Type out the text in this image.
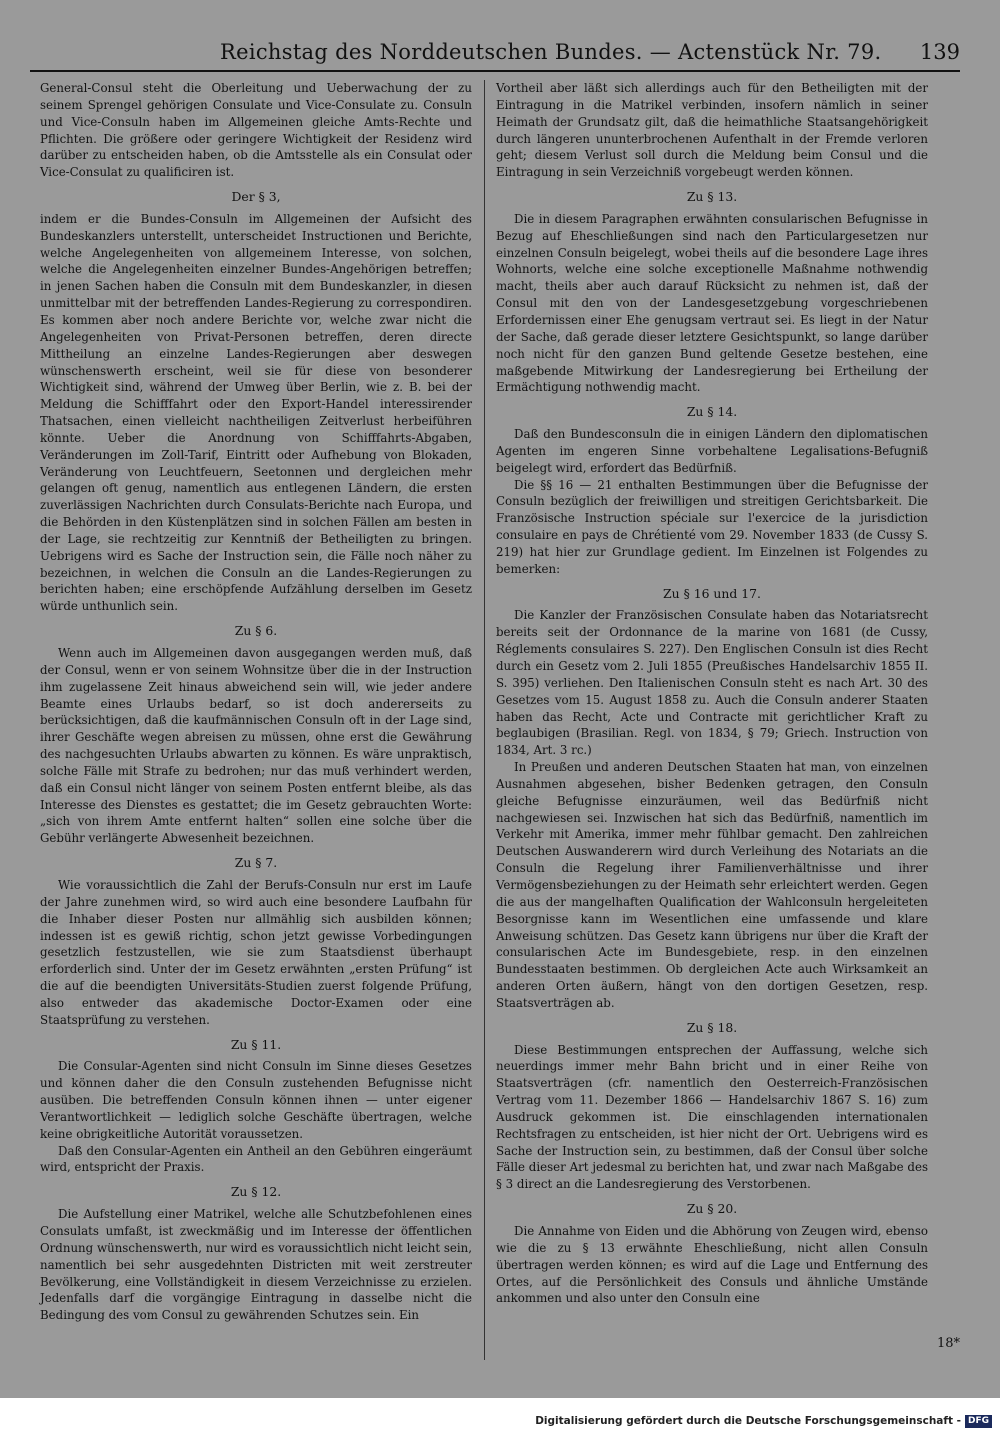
Reichstag des Norddeutschen Bundes. — Actenstück Nr. 79. 139

General-Consul steht die Oberleitung und Ueberwachung der zu seinem Sprengel gehörigen Consulate und Vice-Consulate zu. Consuln und Vice-Consuln haben im Allgemeinen gleiche Amts-Rechte und Pflichten. Die größere oder geringere Wichtigkeit der Residenz wird darüber zu entscheiden haben, ob die Amtsstelle als ein Consulat oder Vice-Consulat zu qualificiren ist.

Der § 3,

indem er die Bundes-Consuln im Allgemeinen der Aufsicht des Bundeskanzlers unterstellt, unterscheidet Instructionen und Berichte, welche Angelegenheiten von allgemeinem Interesse, von solchen, welche die Angelegenheiten einzelner Bundes-Angehörigen betreffen; in jenen Sachen haben die Consuln mit dem Bundeskanzler, in diesen unmittelbar mit der betreffenden Landes-Regierung zu correspondiren. Es kommen aber noch andere Berichte vor, welche zwar nicht die Angelegenheiten von Privat-Personen betreffen, deren directe Mittheilung an einzelne Landes-Regierungen aber deswegen wünschenswerth erscheint, weil sie für diese von besonderer Wichtigkeit sind, während der Umweg über Berlin, wie z. B. bei der Meldung die Schifffahrt oder den Export-Handel interessirender Thatsachen, einen vielleicht nachtheiligen Zeitverlust herbeiführen könnte. Ueber die Anordnung von Schifffahrts-Abgaben, Veränderungen im Zoll-Tarif, Eintritt oder Aufhebung von Blokaden, Veränderung von Leuchtfeuern, Seetonnen und dergleichen mehr gelangen oft genug, namentlich aus entlegenen Ländern, die ersten zuverlässigen Nachrichten durch Consulats-Berichte nach Europa, und die Behörden in den Küstenplätzen sind in solchen Fällen am besten in der Lage, sie rechtzeitig zur Kenntniß der Betheiligten zu bringen. Uebrigens wird es Sache der Instruction sein, die Fälle noch näher zu bezeichnen, in welchen die Consuln an die Landes-Regierungen zu berichten haben; eine erschöpfende Aufzählung derselben im Gesetz würde unthunlich sein.

Zu § 6.

Wenn auch im Allgemeinen davon ausgegangen werden muß, daß der Consul, wenn er von seinem Wohnsitze über die in der Instruction ihm zugelassene Zeit hinaus abweichend sein will, wie jeder andere Beamte eines Urlaubs bedarf, so ist doch andererseits zu berücksichtigen, daß die kaufmännischen Consuln oft in der Lage sind, ihrer Geschäfte wegen abreisen zu müssen, ohne erst die Gewährung des nachgesuchten Urlaubs abwarten zu können. Es wäre unpraktisch, solche Fälle mit Strafe zu bedrohen; nur das muß verhindert werden, daß ein Consul nicht länger von seinem Posten entfernt bleibe, als das Interesse des Dienstes es gestattet; die im Gesetz gebrauchten Worte: „sich von ihrem Amte entfernt halten“ sollen eine solche über die Gebühr verlängerte Abwesenheit bezeichnen.

Zu § 7.

Wie voraussichtlich die Zahl der Berufs-Consuln nur erst im Laufe der Jahre zunehmen wird, so wird auch eine besondere Laufbahn für die Inhaber dieser Posten nur allmählig sich ausbilden können; indessen ist es gewiß richtig, schon jetzt gewisse Vorbedingungen gesetzlich festzustellen, wie sie zum Staatsdienst überhaupt erforderlich sind. Unter der im Gesetz erwähnten „ersten Prüfung“ ist die auf die beendigten Universitäts-Studien zuerst folgende Prüfung, also entweder das akademische Doctor-Examen oder eine Staatsprüfung zu verstehen.

Zu § 11.

Die Consular-Agenten sind nicht Consuln im Sinne dieses Gesetzes und können daher die den Consuln zustehenden Befugnisse nicht ausüben. Die betreffenden Consuln können ihnen — unter eigener Verantwortlichkeit — lediglich solche Geschäfte übertragen, welche keine obrigkeitliche Autorität voraussetzen.

Daß den Consular-Agenten ein Antheil an den Gebühren eingeräumt wird, entspricht der Praxis.

Zu § 12.

Die Aufstellung einer Matrikel, welche alle Schutzbefohlenen eines Consulats umfaßt, ist zweckmäßig und im Interesse der öffentlichen Ordnung wünschenswerth, nur wird es voraussichtlich nicht leicht sein, namentlich bei sehr ausgedehnten Districten mit weit zerstreuter Bevölkerung, eine Vollständigkeit in diesem Verzeichnisse zu erzielen. Jedenfalls darf die vorgängige Eintragung in dasselbe nicht die Bedingung des vom Consul zu gewährenden Schutzes sein. Ein

Vortheil aber läßt sich allerdings auch für den Betheiligten mit der Eintragung in die Matrikel verbinden, insofern nämlich in seiner Heimath der Grundsatz gilt, daß die heimathliche Staatsangehörigkeit durch längeren ununterbrochenen Aufenthalt in der Fremde verloren geht; diesem Verlust soll durch die Meldung beim Consul und die Eintragung in sein Verzeichniß vorgebeugt werden können.

Zu § 13.

Die in diesem Paragraphen erwähnten consularischen Befugnisse in Bezug auf Eheschließungen sind nach den Particulargesetzen nur einzelnen Consuln beigelegt, wobei theils auf die besondere Lage ihres Wohnorts, welche eine solche exceptionelle Maßnahme nothwendig macht, theils aber auch darauf Rücksicht zu nehmen ist, daß der Consul mit den von der Landesgesetzgebung vorgeschriebenen Erfordernissen einer Ehe genugsam vertraut sei. Es liegt in der Natur der Sache, daß gerade dieser letztere Gesichtspunkt, so lange darüber noch nicht für den ganzen Bund geltende Gesetze bestehen, eine maßgebende Mitwirkung der Landesregierung bei Ertheilung der Ermächtigung nothwendig macht.

Zu § 14.

Daß den Bundesconsuln die in einigen Ländern den diplomatischen Agenten im engeren Sinne vorbehaltene Legalisations-Befugniß beigelegt wird, erfordert das Bedürfniß.

Die §§ 16 — 21 enthalten Bestimmungen über die Befugnisse der Consuln bezüglich der freiwilligen und streitigen Gerichtsbarkeit. Die Französische Instruction spéciale sur l'exercice de la jurisdiction consulaire en pays de Chrétienté vom 29. November 1833 (de Cussy S. 219) hat hier zur Grundlage gedient. Im Einzelnen ist Folgendes zu bemerken:

Zu § 16 und 17.

Die Kanzler der Französischen Consulate haben das Notariatsrecht bereits seit der Ordonnance de la marine von 1681 (de Cussy, Réglements consulaires S. 227). Den Englischen Consuln ist dies Recht durch ein Gesetz vom 2. Juli 1855 (Preußisches Handelsarchiv 1855 II. S. 395) verliehen. Den Italienischen Consuln steht es nach Art. 30 des Gesetzes vom 15. August 1858 zu. Auch die Consuln anderer Staaten haben das Recht, Acte und Contracte mit gerichtlicher Kraft zu beglaubigen (Brasilian. Regl. von 1834, § 79; Griech. Instruction von 1834, Art. 3 rc.)

In Preußen und anderen Deutschen Staaten hat man, von einzelnen Ausnahmen abgesehen, bisher Bedenken getragen, den Consuln gleiche Befugnisse einzuräumen, weil das Bedürfniß nicht nachgewiesen sei. Inzwischen hat sich das Bedürfniß, namentlich im Verkehr mit Amerika, immer mehr fühlbar gemacht. Den zahlreichen Deutschen Auswanderern wird durch Verleihung des Notariats an die Consuln die Regelung ihrer Familienverhältnisse und ihrer Vermögensbeziehungen zu der Heimath sehr erleichtert werden. Gegen die aus der mangelhaften Qualification der Wahlconsuln hergeleiteten Besorgnisse kann im Wesentlichen eine umfassende und klare Anweisung schützen. Das Gesetz kann übrigens nur über die Kraft der consularischen Acte im Bundesgebiete, resp. in den einzelnen Bundesstaaten bestimmen. Ob dergleichen Acte auch Wirksamkeit an anderen Orten äußern, hängt von den dortigen Gesetzen, resp. Staatsverträgen ab.

Zu § 18.

Diese Bestimmungen entsprechen der Auffassung, welche sich neuerdings immer mehr Bahn bricht und in einer Reihe von Staatsverträgen (cfr. namentlich den Oesterreich-Französischen Vertrag vom 11. Dezember 1866 — Handelsarchiv 1867 S. 16) zum Ausdruck gekommen ist. Die einschlagenden internationalen Rechtsfragen zu entscheiden, ist hier nicht der Ort. Uebrigens wird es Sache der Instruction sein, zu bestimmen, daß der Consul über solche Fälle dieser Art jedesmal zu berichten hat, und zwar nach Maßgabe des § 3 direct an die Landesregierung des Verstorbenen.

Zu § 20.

Die Annahme von Eiden und die Abhörung von Zeugen wird, ebenso wie die zu § 13 erwähnte Eheschließung, nicht allen Consuln übertragen werden können; es wird auf die Lage und Entfernung des Ortes, auf die Persönlichkeit des Consuls und ähnliche Umstände ankommen und also unter den Consuln eine

18*
Digitalisierung gefördert durch die Deutsche Forschungsgemeinschaft - DFG
